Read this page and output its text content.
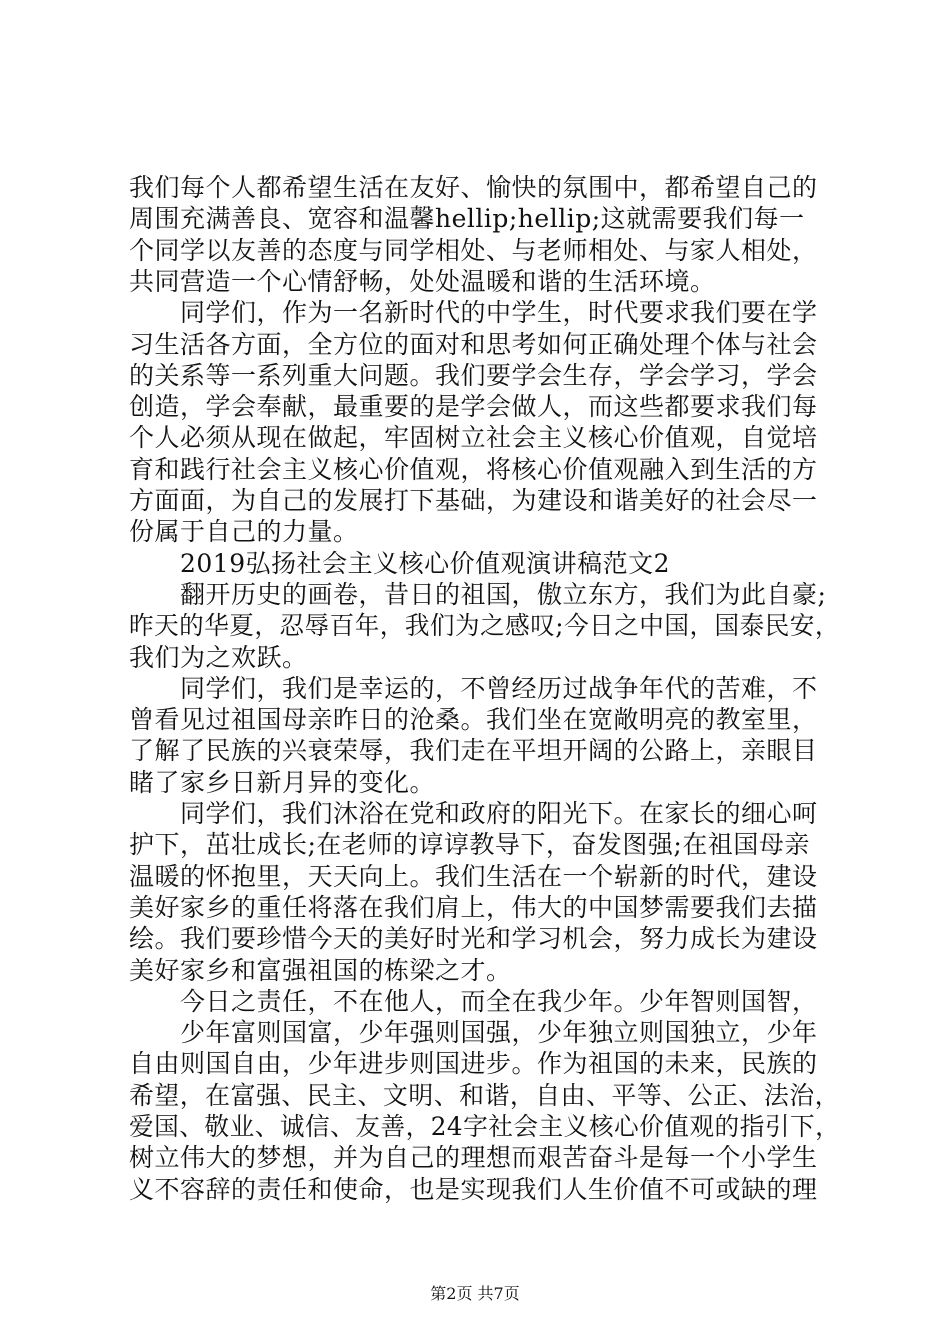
我们每个人都希望生活在友好、愉快的氛围中，都希望自己的
周围充满善良、宽容和温馨hellip;hellip;这就需要我们每一
个同学以友善的态度与同学相处、与老师相处、与家人相处，
共同营造一个心情舒畅，处处温暖和谐的生活环境。
　　同学们，作为一名新时代的中学生，时代要求我们要在学
习生活各方面，全方位的面对和思考如何正确处理个体与社会
的关系等一系列重大问题。我们要学会生存，学会学习，学会
创造，学会奉献，最重要的是学会做人，而这些都要求我们每
个人必须从现在做起，牢固树立社会主义核心价值观，自觉培
育和践行社会主义核心价值观，将核心价值观融入到生活的方
方面面，为自己的发展打下基础，为建设和谐美好的社会尽一
份属于自己的力量。
　　2019弘扬社会主义核心价值观演讲稿范文2
　　翻开历史的画卷，昔日的祖国，傲立东方，我们为此自豪;
昨天的华夏，忍辱百年，我们为之感叹;今日之中国，国泰民安，
我们为之欢跃。
　　同学们，我们是幸运的，不曾经历过战争年代的苦难，不
曾看见过祖国母亲昨日的沧桑。我们坐在宽敞明亮的教室里，
了解了民族的兴衰荣辱，我们走在平坦开阔的公路上，亲眼目
睹了家乡日新月异的变化。
　　同学们，我们沐浴在党和政府的阳光下。在家长的细心呵
护下，茁壮成长;在老师的谆谆教导下，奋发图强;在祖国母亲
温暖的怀抱里，天天向上。我们生活在一个崭新的时代，建设
美好家乡的重任将落在我们肩上，伟大的中国梦需要我们去描
绘。我们要珍惜今天的美好时光和学习机会，努力成长为建设
美好家乡和富强祖国的栋梁之才。
　　今日之责任，不在他人，而全在我少年。少年智则国智，
　　少年富则国富，少年强则国强，少年独立则国独立，少年
自由则国自由，少年进步则国进步。作为祖国的未来，民族的
希望，在富强、民主、文明、和谐，自由、平等、公正、法治，
爱国、敬业、诚信、友善，24字社会主义核心价值观的指引下，
树立伟大的梦想，并为自己的理想而艰苦奋斗是每一个小学生
义不容辞的责任和使命，也是实现我们人生价值不可或缺的理
第2页 共7页
